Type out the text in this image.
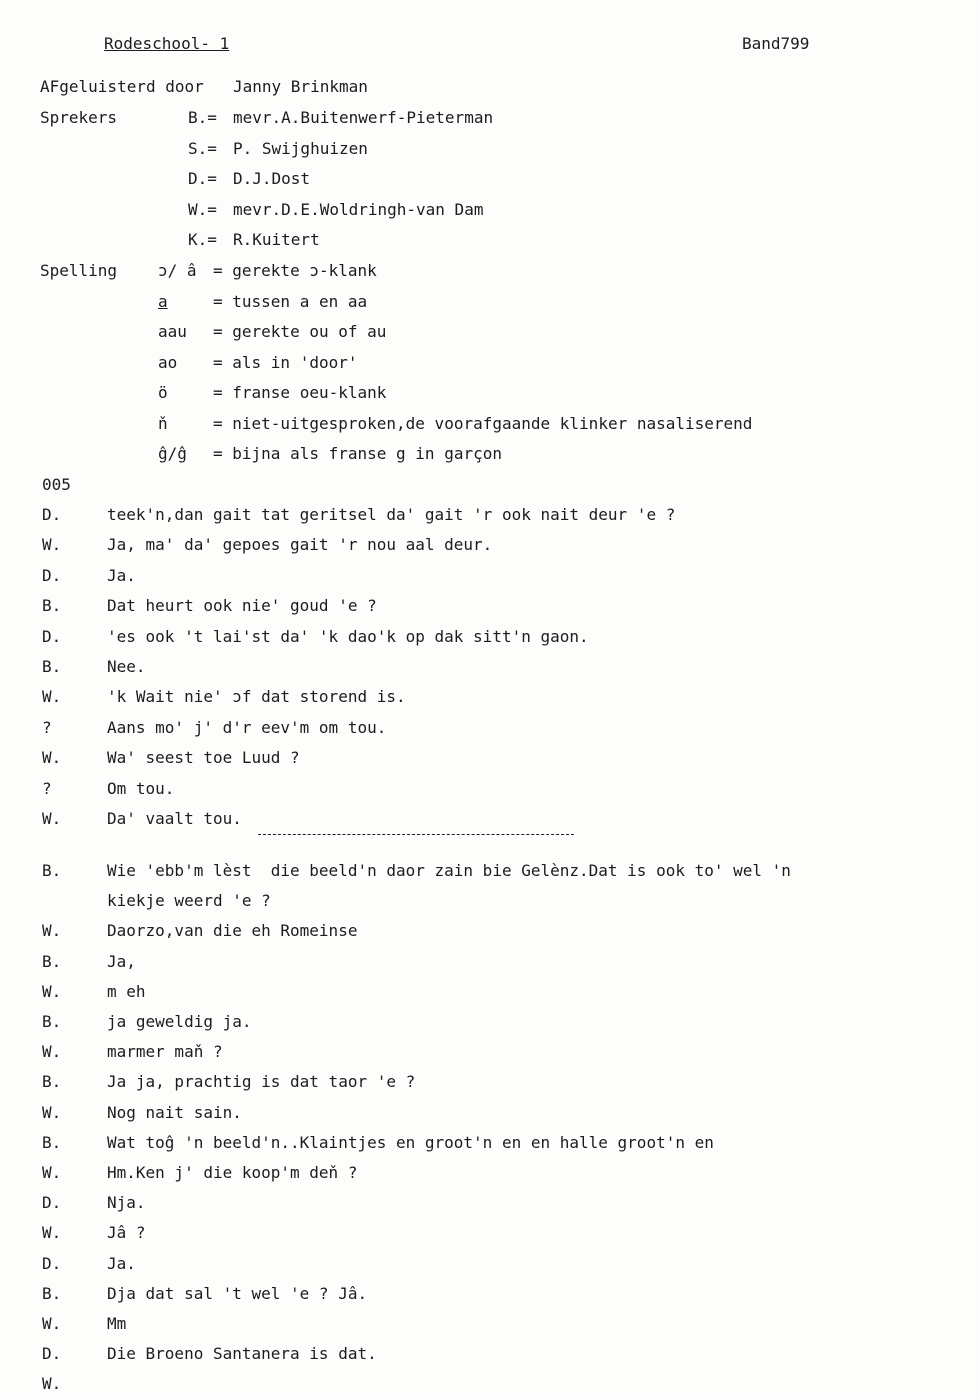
Rodeschool- 1	Band799
AFgeluisterd door Janny Brinkman
Sprekers	B.= mevr.A.Buitenwerf-Pieterman
S.= P. Swijghuizen
D.= D.J.Dost
W.= mevr.D.E.Woldringh-van Dam
K.= R.Kuitert
Spelling	ɔ/ â = gerekte ɔ-klank
a	= tussen a en aa
aau = gerekte ou of au
ao = als in 'door'
ö	= franse oeu-klank
ň	= niet-uitgesproken,de voorafgaande klinker nasaliserend
ĝ/ĝ = bijna als franse g in garçon
005
D.	teek'n,dan gait tat geritsel da' gait 'r ook nait deur 'e ?
W.	Ja, ma' da' gepoes gait 'r nou aal deur.
D.	Ja.
B.	Dat heurt ook nie' goud 'e ?
D.	'es ook 't lai'st da' 'k dao'k op dak sitt'n gaon.
B.	Nee.
W.	'k Wait nie' ɔf dat storend is.
?	Aans mo' j' d'r eev'm om tou.
W.	Wa' seest toe Luud ?
?	Om tou.
W.	Da' vaalt tou.
B.	Wie 'ebb'm lèst  die beeld'n daor zain bie Gelènz.Dat is ook to' wel 'n
kiekje weerd 'e ?
W.	Daorzo,van die eh Romeinse
B.	Ja,
W.	m eh
B.	ja geweldig ja.
W.	marmer maň ?
B.	Ja ja, prachtig is dat taor 'e ?
W.	Nog nait sain.
B.	Wat toĝ 'n beeld'n..Klaintjes en groot'n en en halle groot'n en
W.	Hm.Ken j' die koop'm deň ?
D.	Nja.
W.	Jâ ?
D.	Ja.
B.	Dja dat sal 't wel 'e ? Jâ.
W.	Mm
D.	Die Broeno Santanera is dat.
W.
